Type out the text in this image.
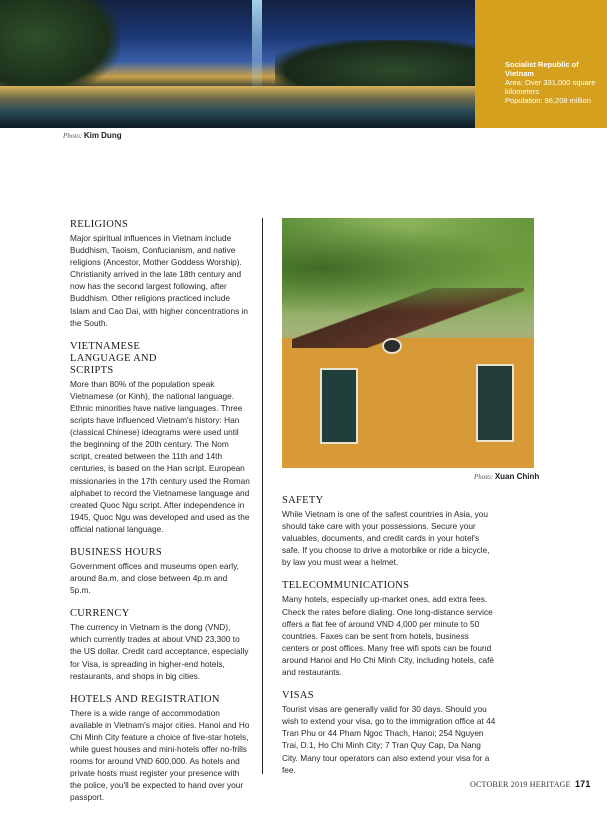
Socialist Republic of Vietnam
Area: Over 331,000 square kilometers
Population: 96,208 million
Photo: Kim Dung
RELIGIONS

Major spiritual influences in Vietnam include Buddhism, Taoism, Confucianism, and native religions (Ancestor, Mother Goddess Worship). Christianity arrived in the late 18th century and now has the second largest following, after Buddhism. Other religions practiced include Islam and Cao Dai, with higher concentrations in the South.

VIETNAMESE LANGUAGE AND SCRIPTS

More than 80% of the population speak Vietnamese (or Kinh), the national language. Ethnic minorities have native languages. Three scripts have influenced Vietnam's history: Han (classical Chinese) ideograms were used until the beginning of the 20th century. The Nom script, created between the 11th and 14th centuries, is based on the Han script. European missionaries in the 17th century used the Roman alphabet to record the Vietnamese language and created Quoc Ngu script. After independence in 1945, Quoc Ngu was developed and used as the official national language.

BUSINESS HOURS

Government offices and museums open early, around 8a.m, and close between 4p.m and 5p.m.

CURRENCY

The currency in Vietnam is the dong (VND), which currently trades at about VND 23,300 to the US dollar. Credit card acceptance, especially for Visa, is spreading in higher-end hotels, restaurants, and shops in big cities.

HOTELS AND REGISTRATION

There is a wide range of accommodation available in Vietnam's major cities. Hanoi and Ho Chi Minh City feature a choice of five-star hotels, while guest houses and mini-hotels offer no-frills rooms for around VND 600,000. As hotels and private hosts must register your presence with the police, you'll be expected to hand over your passport.

Photo: Xuan Chinh
SAFETY

While Vietnam is one of the safest countries in Asia, you should take care with your possessions. Secure your valuables, documents, and credit cards in your hotel's safe. If you choose to drive a motorbike or ride a bicycle, by law you must wear a helmet.

TELECOMMUNICATIONS

Many hotels, especially up-market ones, add extra fees. Check the rates before dialing. One long-distance service offers a flat fee of around VND 4,000 per minute to 50 countries. Faxes can be sent from hotels, business centers or post offices. Many free wifi spots can be found around Hanoi and Ho Chi Minh City, including hotels, café and restaurants.

VISAS

Tourist visas are generally valid for 30 days. Should you wish to extend your visa, go to the immigration office at 44 Tran Phu or 44 Pham Ngoc Thach, Hanoi; 254 Nguyen Trai, D.1, Ho Chi Minh City; 7 Tran Quy Cap, Da Nang City. Many tour operators can also extend your visa for a fee.

OCTOBER 2019 HERITAGE 171
